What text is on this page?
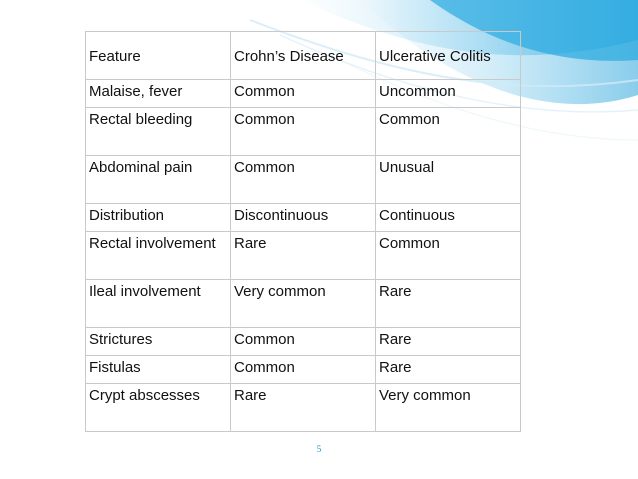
Feature	Crohn’s Disease	Ulcerative Colitis
Malaise, fever	Common	Uncommon
Rectal bleeding	Common	Common
Abdominal pain	Common	Unusual
Distribution	Discontinuous	Continuous
Rectal involvement	Rare	Common
Ileal involvement	Very common	Rare
Strictures	Common	Rare
Fistulas	Common	Rare
Crypt abscesses	Rare	Very common
5
